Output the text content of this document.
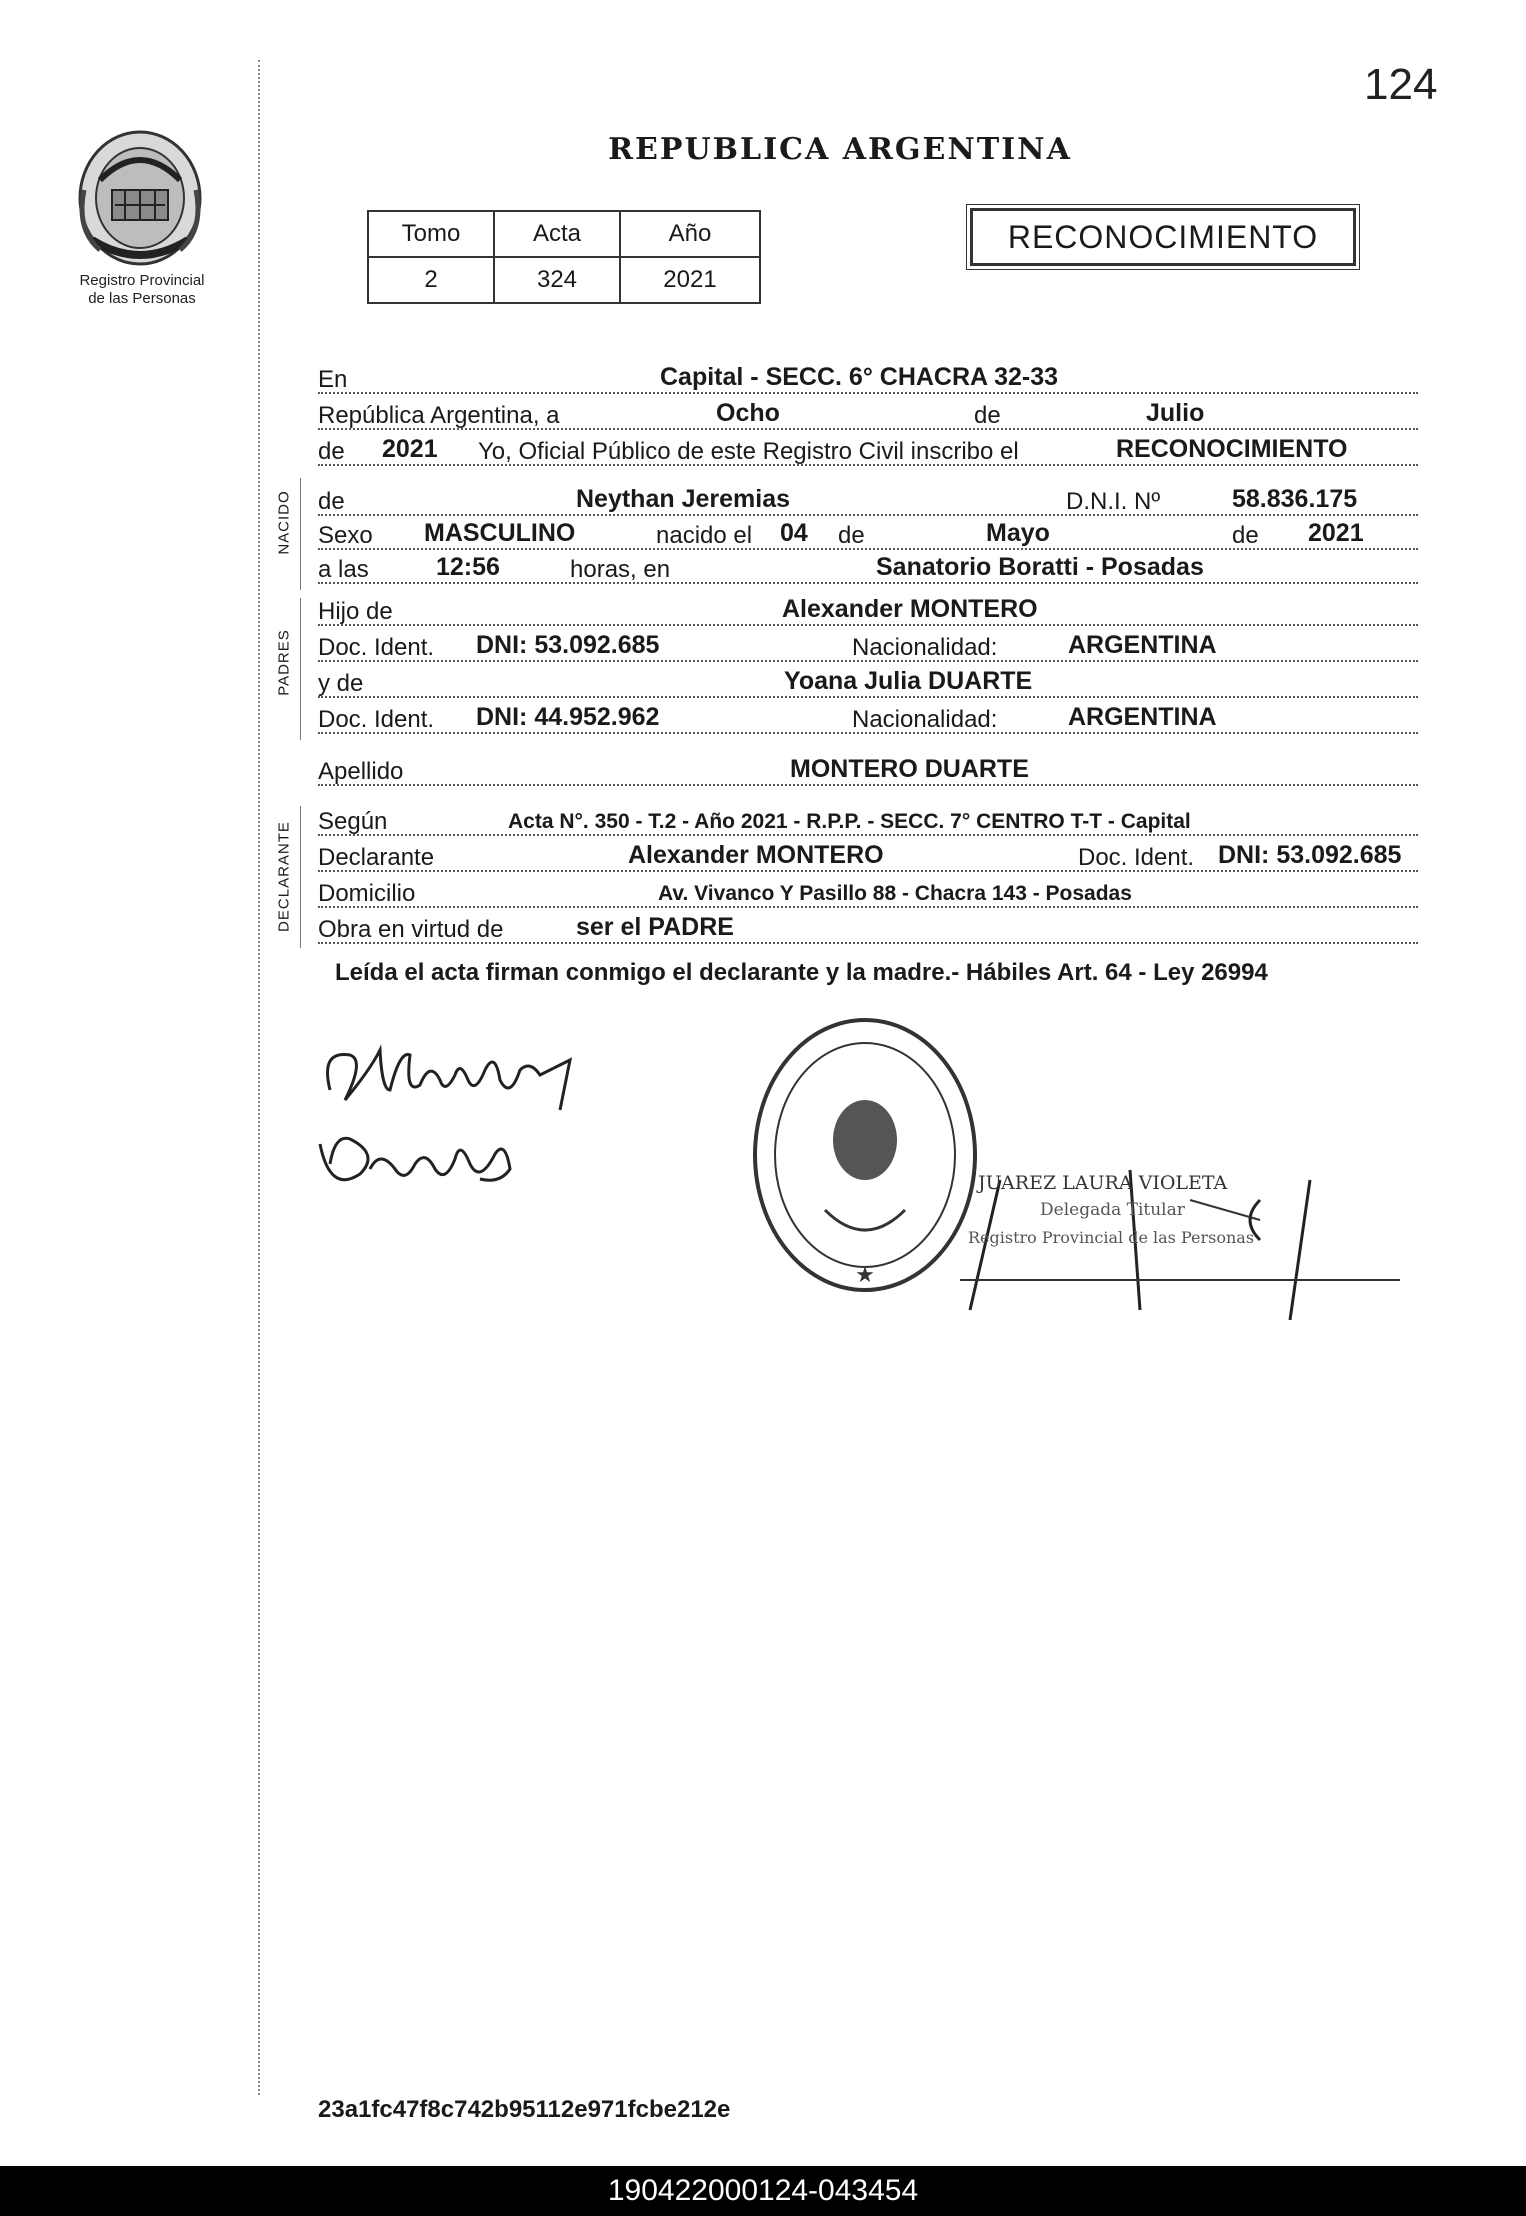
124
Registro Provincial
de las Personas
REPUBLICA ARGENTINA
Tomo	Acta	Año
2	324	2021
RECONOCIMIENTO
En	Capital - SECC. 6° CHACRA 32-33
República Argentina, a	Ocho	de	Julio
de 2021 Yo, Oficial Público de este Registro Civil inscribo el	RECONOCIMIENTO
NACIDO de	Neythan Jeremias	D.N.I. Nº	58.836.175
Sexo MASCULINO	nacido el 04 de	Mayo	de 2021
a las	12:56	horas, en	Sanatorio Boratti - Posadas
PADRES
Hijo de	Alexander MONTERO
Doc. Ident. DNI: 53.092.685	Nacionalidad:	ARGENTINA
y de	Yoana Julia DUARTE
Doc. Ident. DNI: 44.952.962	Nacionalidad:	ARGENTINA
Apellido	MONTERO DUARTE
DECLARANTE Según	Acta N°. 350 - T.2 - Año 2021 - R.P.P. - SECC. 7° CENTRO T-T - Capital
Declarante	Alexander MONTERO	Doc. Ident. DNI: 53.092.685
Domicilio	Av. Vivanco Y Pasillo 88 - Chacra 143 - Posadas
Obra en virtud de	ser el PADRE
Leída el acta firman conmigo el declarante y la madre.- Hábiles Art. 64 - Ley 26994
★
JUAREZ LAURA VIOLETA
Delegada Titular
Registro Provincial de las Personas
23a1fc47f8c742b95112e971fcbe212e
190422000124-043454
